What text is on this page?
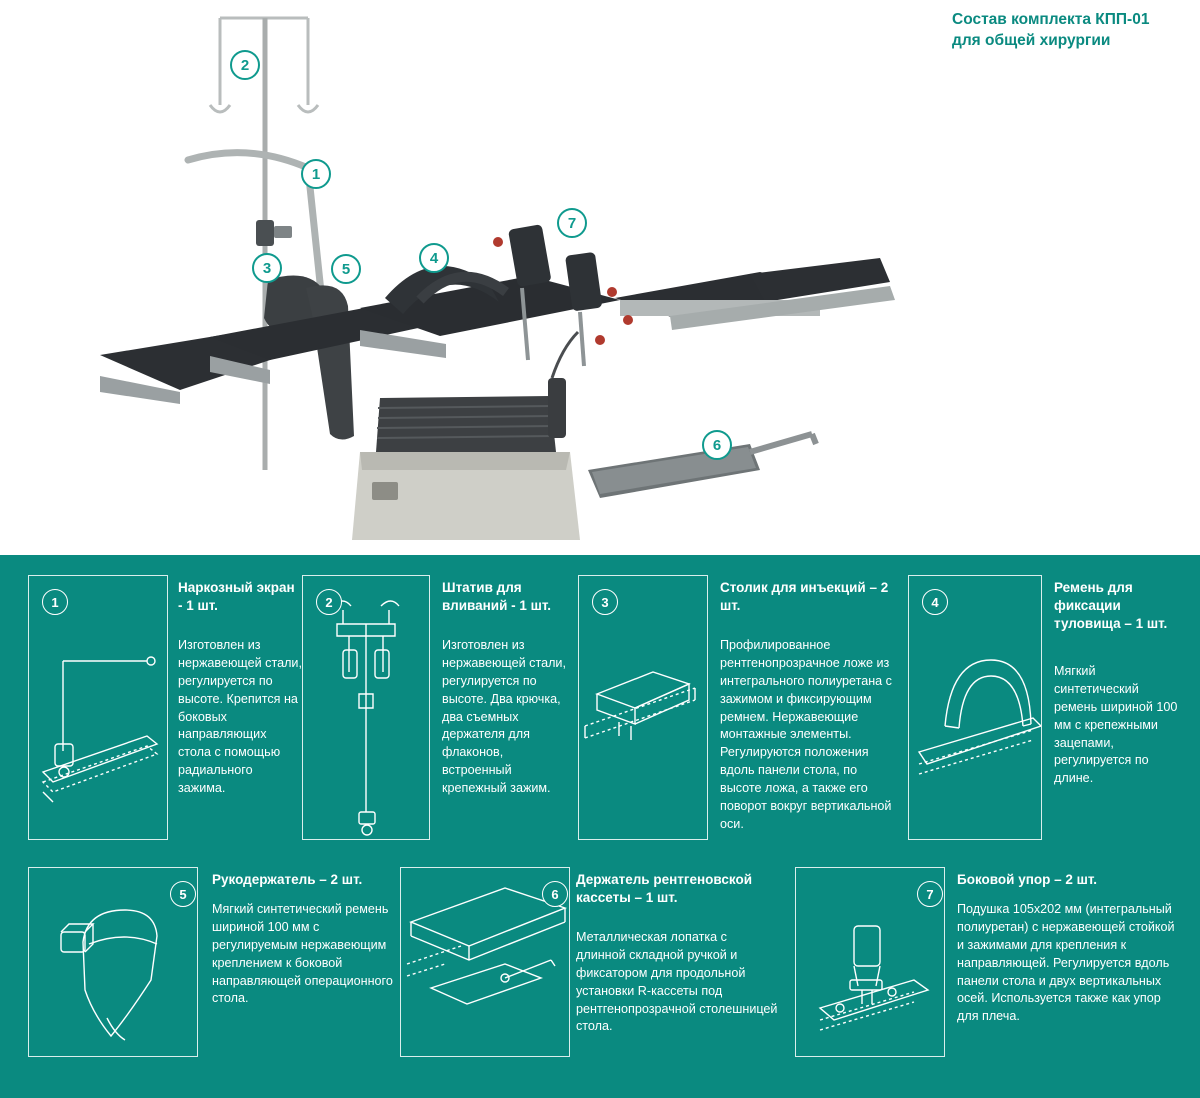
Состав комплекта КПП-01 для общей хирургии
2
1
7
3	5
4
6
1
Наркозный экран - 1 шт.

Изготовлен из нержавеющей стали, регулируется по высоте. Крепится на боковых направляющих стола с помощью радиального зажима.

2
Штатив для вливаний - 1 шт.

Изготовлен из нержавеющей стали, регулируется по высоте. Два крючка, два съемных держателя для флаконов, встроенный крепежный зажим.

3
Столик для инъекций – 2 шт.

Профилированное рентгенопрозрачное ложе из интегрального полиуретана с зажимом и фиксирующим ремнем. Нержавеющие монтажные элементы. Регулируются положения вдоль панели стола, по высоте ложа, а также его поворот вокруг вертикальной оси.

4
Ремень для фиксации туловища – 1 шт.

Мягкий синтетический ремень шириной 100 мм с крепежными зацепами, регулируется по длине.

5
Рукодержатель – 2 шт.

Мягкий синтетический ремень шириной 100 мм с регулируемым нержавеющим креплением к боковой направляющей операционного стола.

6
Держатель рентгеновской кассеты – 1 шт.

Металлическая лопатка с длинной складной ручкой и фиксатором для продольной установки R-кассеты под рентгенопрозрачной столешницей стола.

7
Боковой упор – 2 шт.

Подушка 105х202 мм (интегральный полиуретан) с нержавеющей стойкой и зажимами для крепления к направляющей. Регулируется вдоль панели стола и двух вертикальных осей. Используется также как упор для плеча.
